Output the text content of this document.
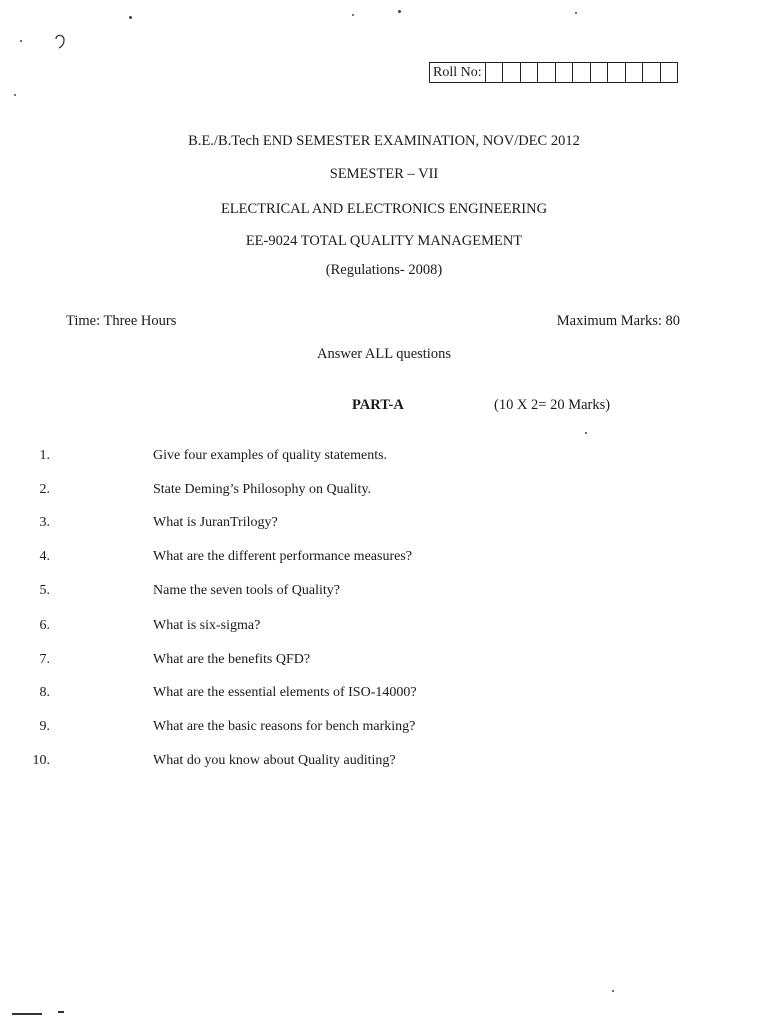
Roll No:
B.E./B.Tech END SEMESTER EXAMINATION, NOV/DEC 2012
SEMESTER – VII
ELECTRICAL AND ELECTRONICS ENGINEERING
EE-9024 TOTAL QUALITY MANAGEMENT
(Regulations- 2008)
Time: Three Hours	Maximum Marks: 80
Answer ALL questions
PART-A	(10 X 2= 20 Marks)
1.	Give four examples of quality statements.
2.	State Deming’s Philosophy on Quality.
3.	What is JuranTrilogy?
4.	What are the different performance measures?
5.	Name the seven tools of Quality?
6.	What is six-sigma?
7.	What are the benefits QFD?
8.	What are the essential elements of ISO-14000?
9.	What are the basic reasons for bench marking?
10.	What do you know about Quality auditing?
